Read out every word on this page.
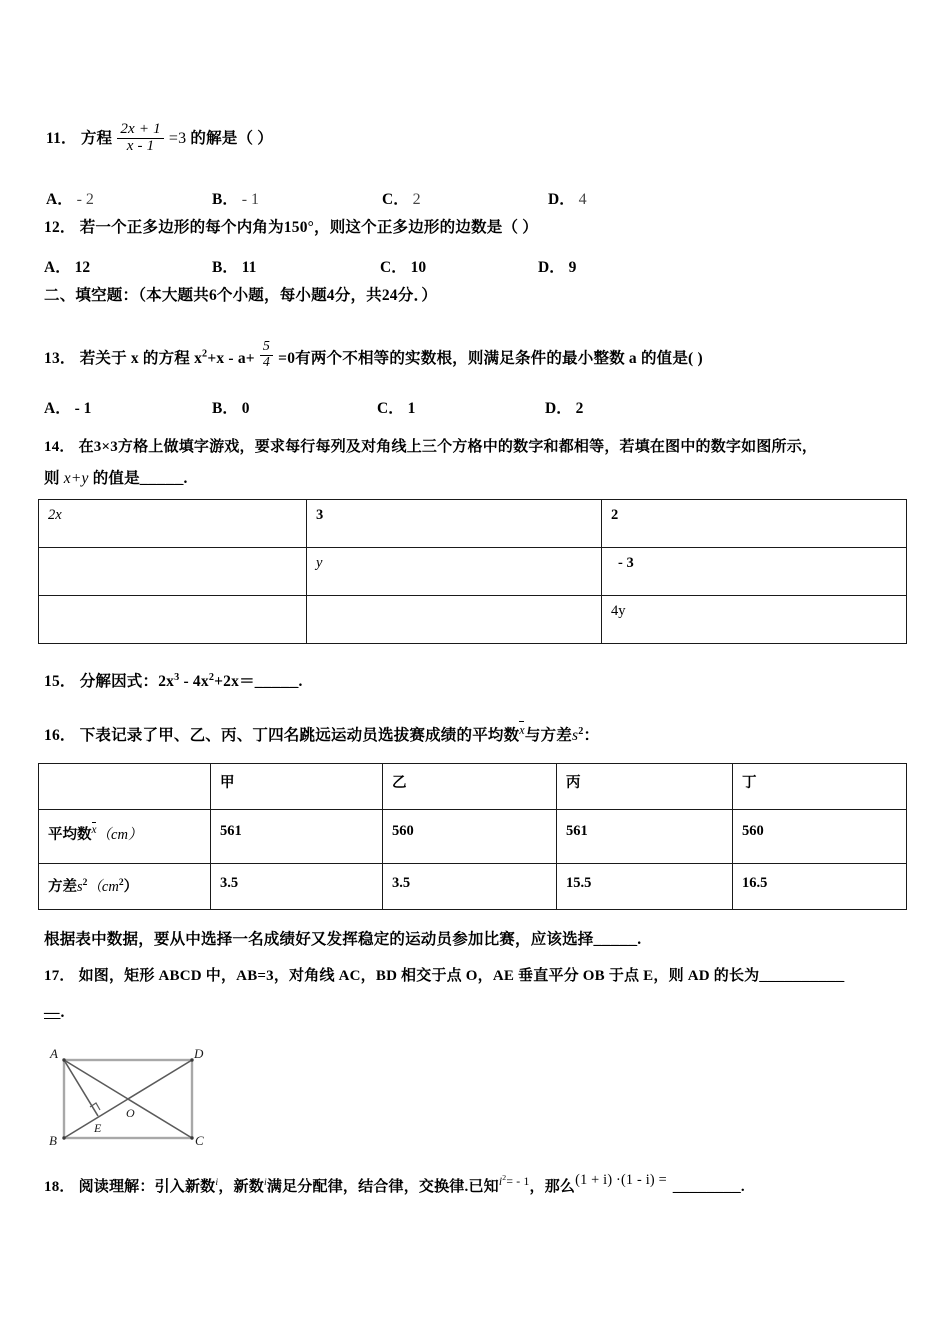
11． 方程 $\frac{2x + 1}{x - 1} =3$ 的解是（ ）
A． - 2	B． - 1	C． 2	D． 4
12． 若一个正多边形的每个内角为150°，则这个正多边形的边数是（ ）
A． 12	B． 11	C． 10	D． 9
二、填空题：（本大题共6个小题，每小题4分，共24分．）
13． 若关于 x 的方程 $x^2+x - a+ \frac{5}{4} =0$有两个不相等的实数根，则满足条件的最小整数 a 的值是( )
A． - 1	B． 0	C． 1	D． 2
14． 在3×3方格上做填字游戏，要求每行每列及对角线上三个方格中的数字和都相等，若填在图中的数字如图所示，
则 x+y 的值是_____.
2x	3	2
	y	- 3
		4y
15． 分解因式：$2x^3$ - $4x^2+2x=\_\_\_\_\_$.
16． 下表记录了甲、乙、丙、丁四名跳远运动员选拔赛成绩的平均数x与方差$s^2$：
	甲	乙	丙	丁
平均数x（cm）	561	560	561	560
方差$s^2(cm^2)$	3.5	3.5	15.5	16.5
根据表中数据，要从中选择一名成绩好又发挥稳定的运动员参加比赛，应该选择_____.
17． 如图，矩形 ABCD 中，AB=3，对角线 AC，BD 相交于点 O，AE 垂直平分 OB 于点 E，则 AD 的长为__________
—.
A	D
B	C
E
O
18． 阅读理解：引入新数$^i$，新数$^i$满足分配律，结合律，交换律.已知$i^2= - 1$，那么(1 + i) ·(1 - i) = ________.
